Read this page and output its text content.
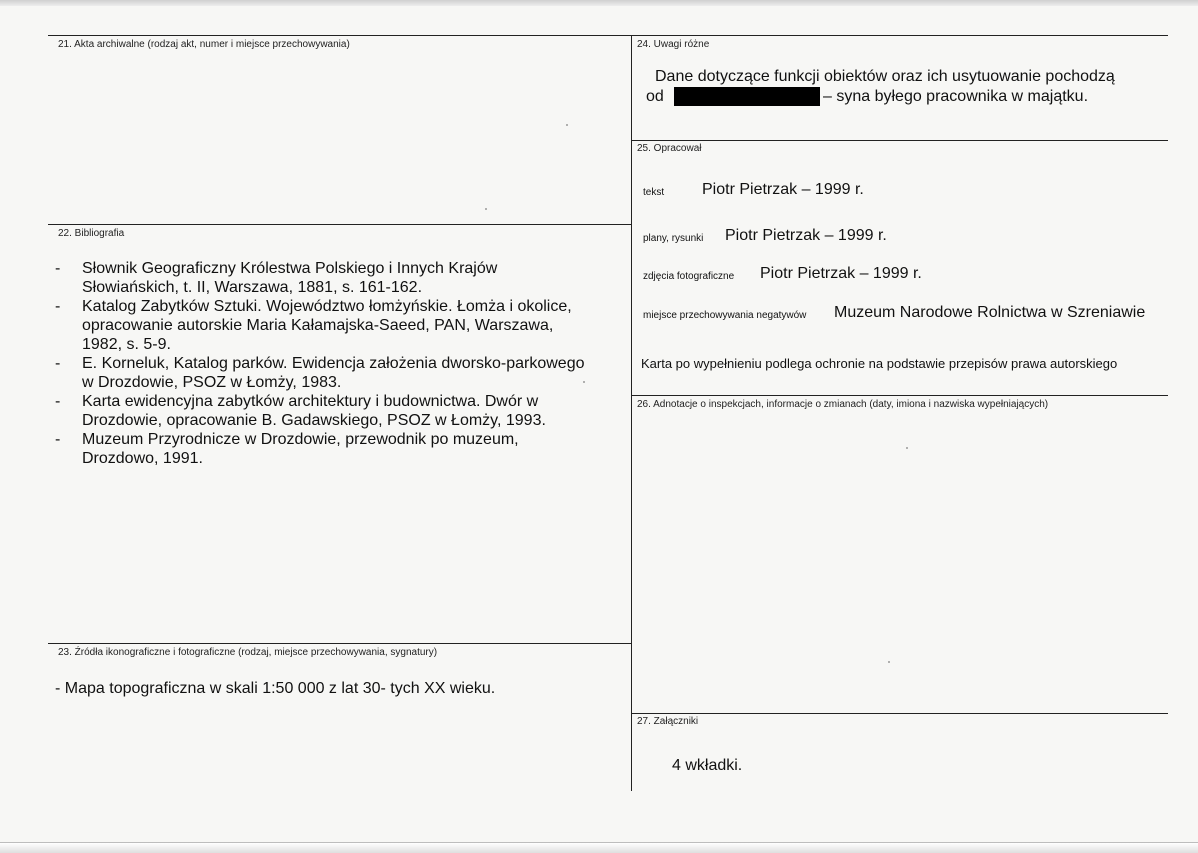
21. Akta archiwalne (rodzaj akt, numer i miejsce przechowywania)
22. Bibliografia
- Słownik Geograficzny Królestwa Polskiego i Innych Krajów
Słowiańskich, t. II, Warszawa, 1881, s. 161-162.
- Katalog Zabytków Sztuki. Województwo łomżyńskie. Łomża i okolice,
opracowanie autorskie Maria Kałamajska-Saeed, PAN, Warszawa,
1982, s. 5-9.
- E. Korneluk, Katalog parków. Ewidencja założenia dworsko-parkowego
w Drozdowie, PSOZ w Łomży, 1983.
- Karta ewidencyjna zabytków architektury i budownictwa. Dwór w
Drozdowie, opracowanie B. Gadawskiego, PSOZ w Łomży, 1993.
- Muzeum Przyrodnicze w Drozdowie, przewodnik po muzeum,
Drozdowo, 1991.
23. Źródła ikonograficzne i fotograficzne (rodzaj, miejsce przechowywania, sygnatury)
- Mapa topograficzna w skali 1:50 000 z lat 30- tych XX wieku.
24. Uwagi różne
Dane dotyczące funkcji obiektów oraz ich usytuowanie pochodzą
od	– syna byłego pracownika w majątku.
25. Opracował
tekst Piotr Pietrzak – 1999 r.
plany, rysunki Piotr Pietrzak – 1999 r.
zdjęcia fotograficzne Piotr Pietrzak – 1999 r.
miejsce przechowywania negatywów Muzeum Narodowe Rolnictwa w Szreniawie
Karta po wypełnieniu podlega ochronie na podstawie przepisów prawa autorskiego
26. Adnotacje o inspekcjach, informacje o zmianach (daty, imiona i nazwiska wypełniających)
27. Załączniki
4 wkładki.
